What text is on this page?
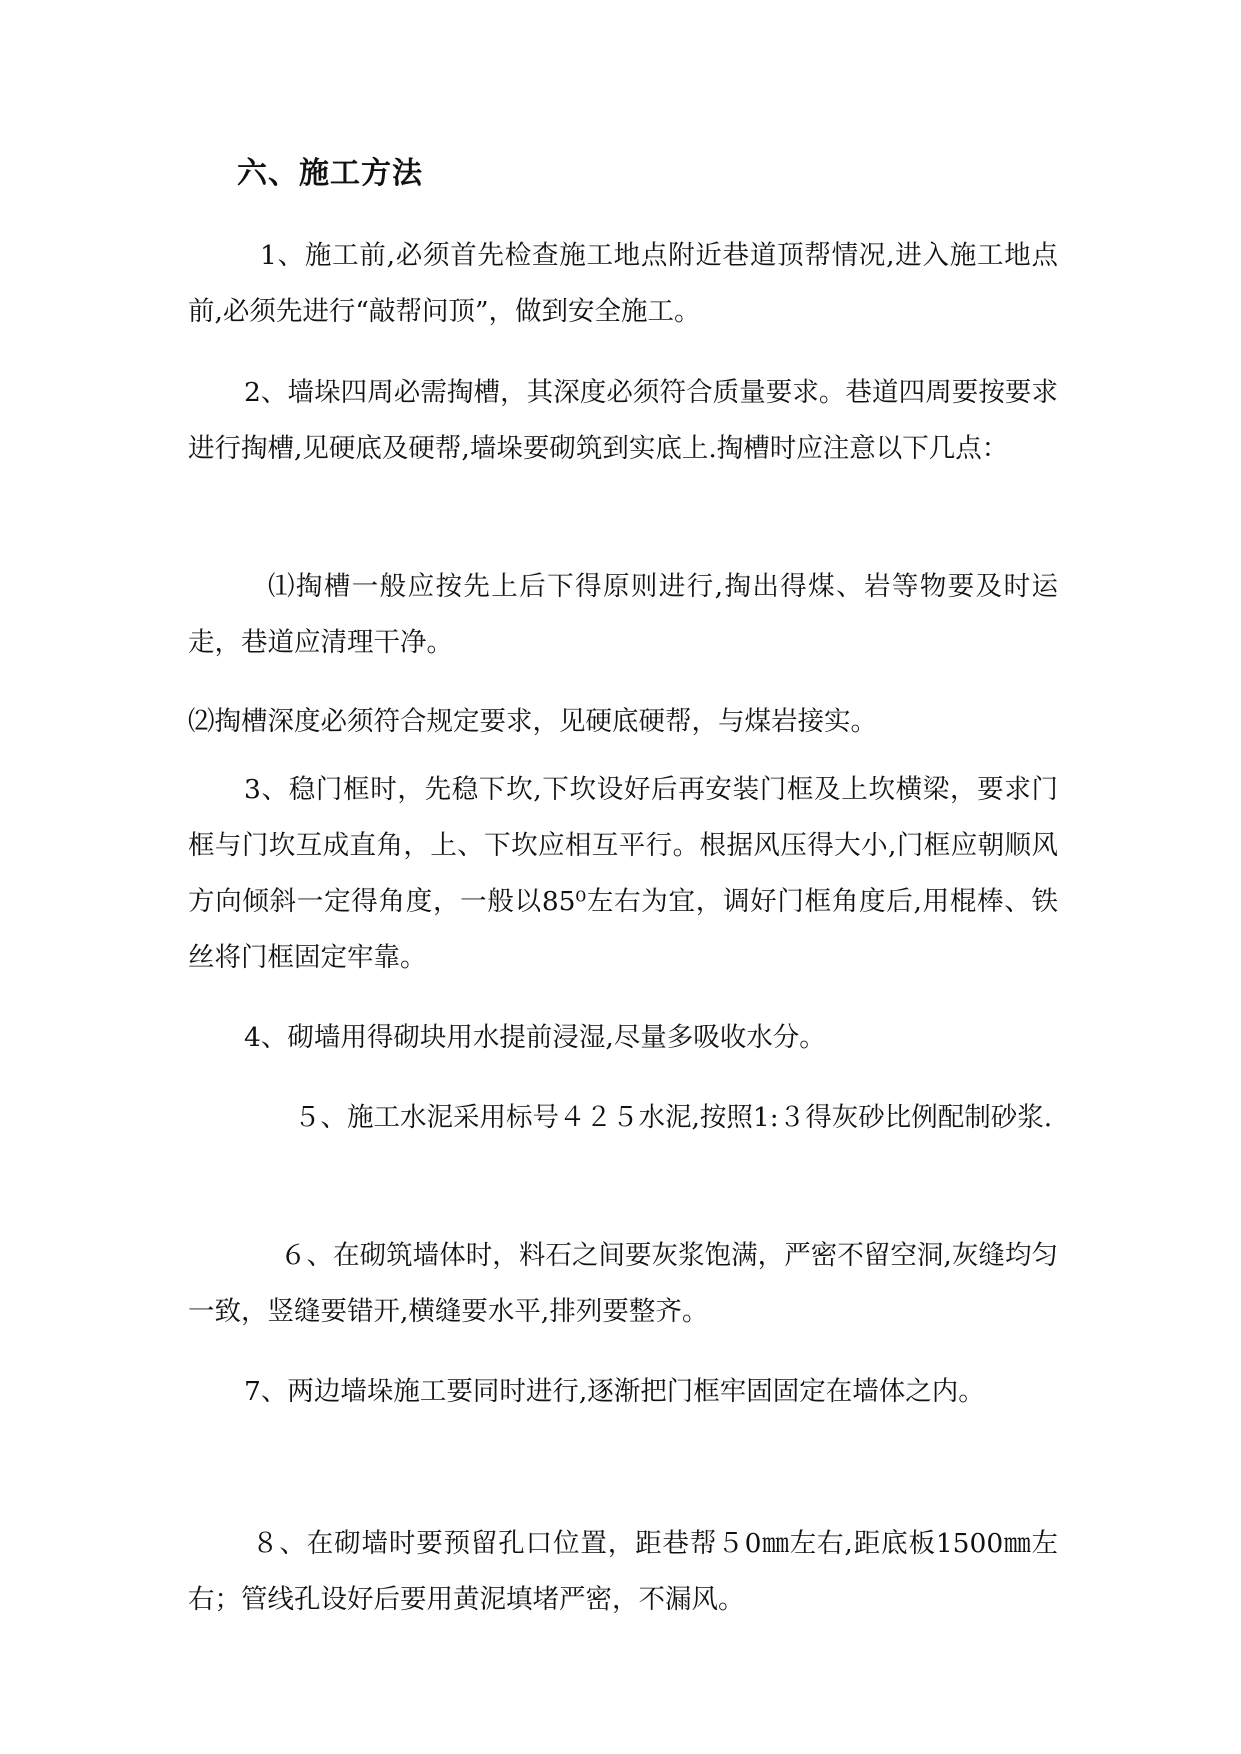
六、施工方法

1、施工前,必须首先检查施工地点附近巷道顶帮情况,进入施工地点前,必须先进行“敲帮问顶”，做到安全施工。

2、墙垛四周必需掏槽，其深度必须符合质量要求。巷道四周要按要求进行掏槽,见硬底及硬帮,墙垛要砌筑到实底上.掏槽时应注意以下几点：

⑴掏槽一般应按先上后下得原则进行,掏出得煤、岩等物要及时运走，巷道应清理干净。

⑵掏槽深度必须符合规定要求，见硬底硬帮，与煤岩接实。

3、稳门框时，先稳下坎,下坎设好后再安装门框及上坎横梁，要求门框与门坎互成直角，上、下坎应相互平行。根据风压得大小,门框应朝顺风方向倾斜一定得角度，一般以85⁰左右为宜，调好门框角度后,用棍棒、铁丝将门框固定牢靠。

4、砌墙用得砌块用水提前浸湿,尽量多吸收水分。

５、施工水泥采用标号４２５水泥,按照1:３得灰砂比例配制砂浆.

６、在砌筑墙体时，料石之间要灰浆饱满，严密不留空洞,灰缝均匀一致，竖缝要错开,横缝要水平,排列要整齐。

7、两边墙垛施工要同时进行,逐渐把门框牢固固定在墙体之内。

８、在砌墙时要预留孔口位置，距巷帮５0㎜左右,距底板1500㎜左右；管线孔设好后要用黄泥填堵严密，不漏风。
